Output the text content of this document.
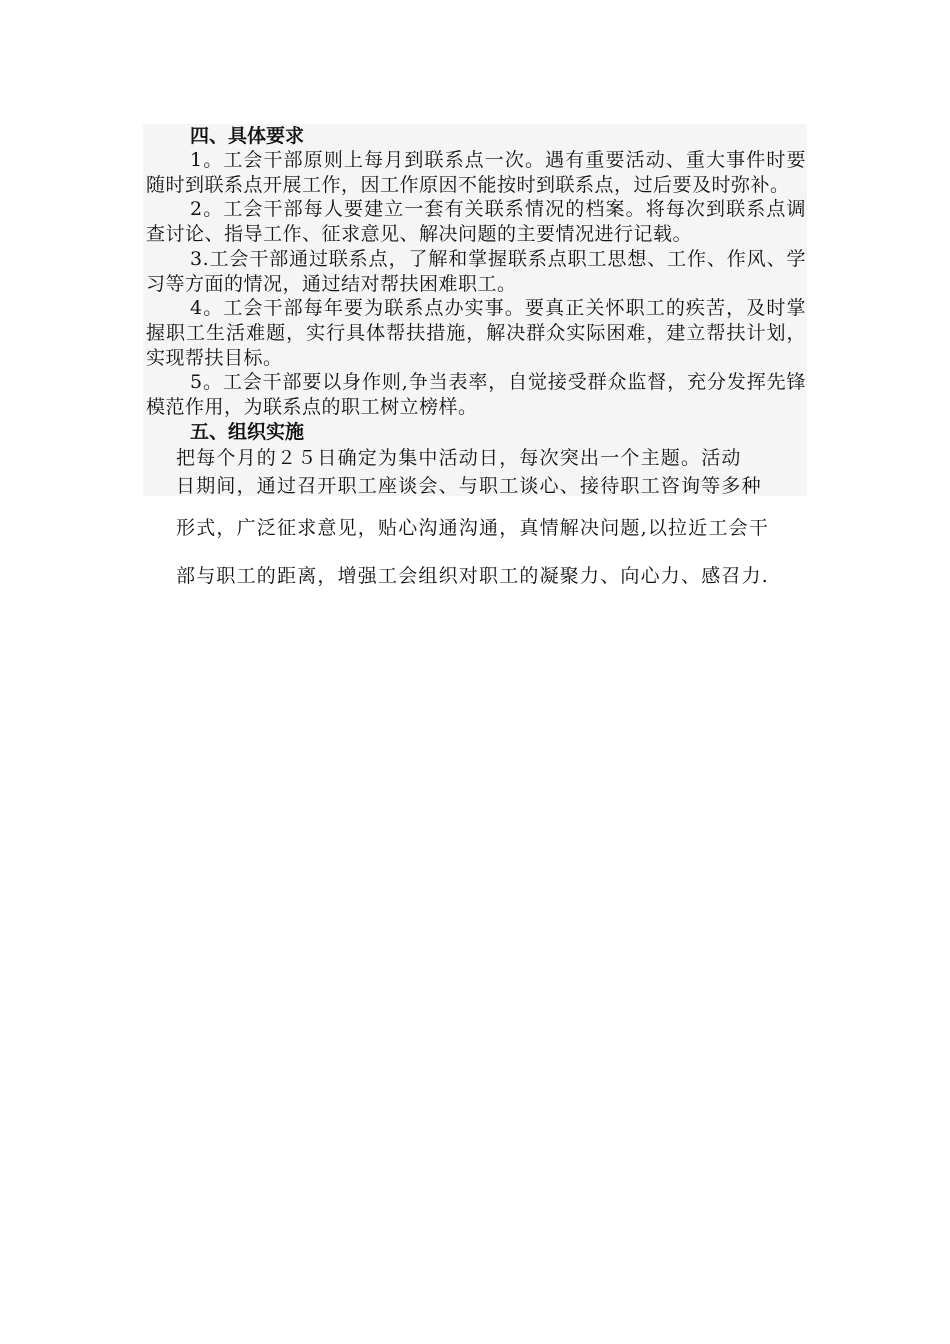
四、具体要求
1。工会干部原则上每月到联系点一次。遇有重要活动、重大事件时要随时到联系点开展工作，因工作原因不能按时到联系点，过后要及时弥补。
2。工会干部每人要建立一套有关联系情况的档案。将每次到联系点调查讨论、指导工作、征求意见、解决问题的主要情况进行记载。
3.工会干部通过联系点，了解和掌握联系点职工思想、工作、作风、学习等方面的情况，通过结对帮扶困难职工。
4。工会干部每年要为联系点办实事。要真正关怀职工的疾苦，及时掌握职工生活难题，实行具体帮扶措施，解决群众实际困难，建立帮扶计划，实现帮扶目标。
5。工会干部要以身作则,争当表率，自觉接受群众监督，充分发挥先锋模范作用，为联系点的职工树立榜样。
五、组织实施
把每个月的２５日确定为集中活动日，每次突出一个主题。活动
日期间，通过召开职工座谈会、与职工谈心、接待职工咨询等多种
形式，广泛征求意见，贴心沟通沟通，真情解决问题,以拉近工会干
部与职工的距离，增强工会组织对职工的凝聚力、向心力、感召力.
